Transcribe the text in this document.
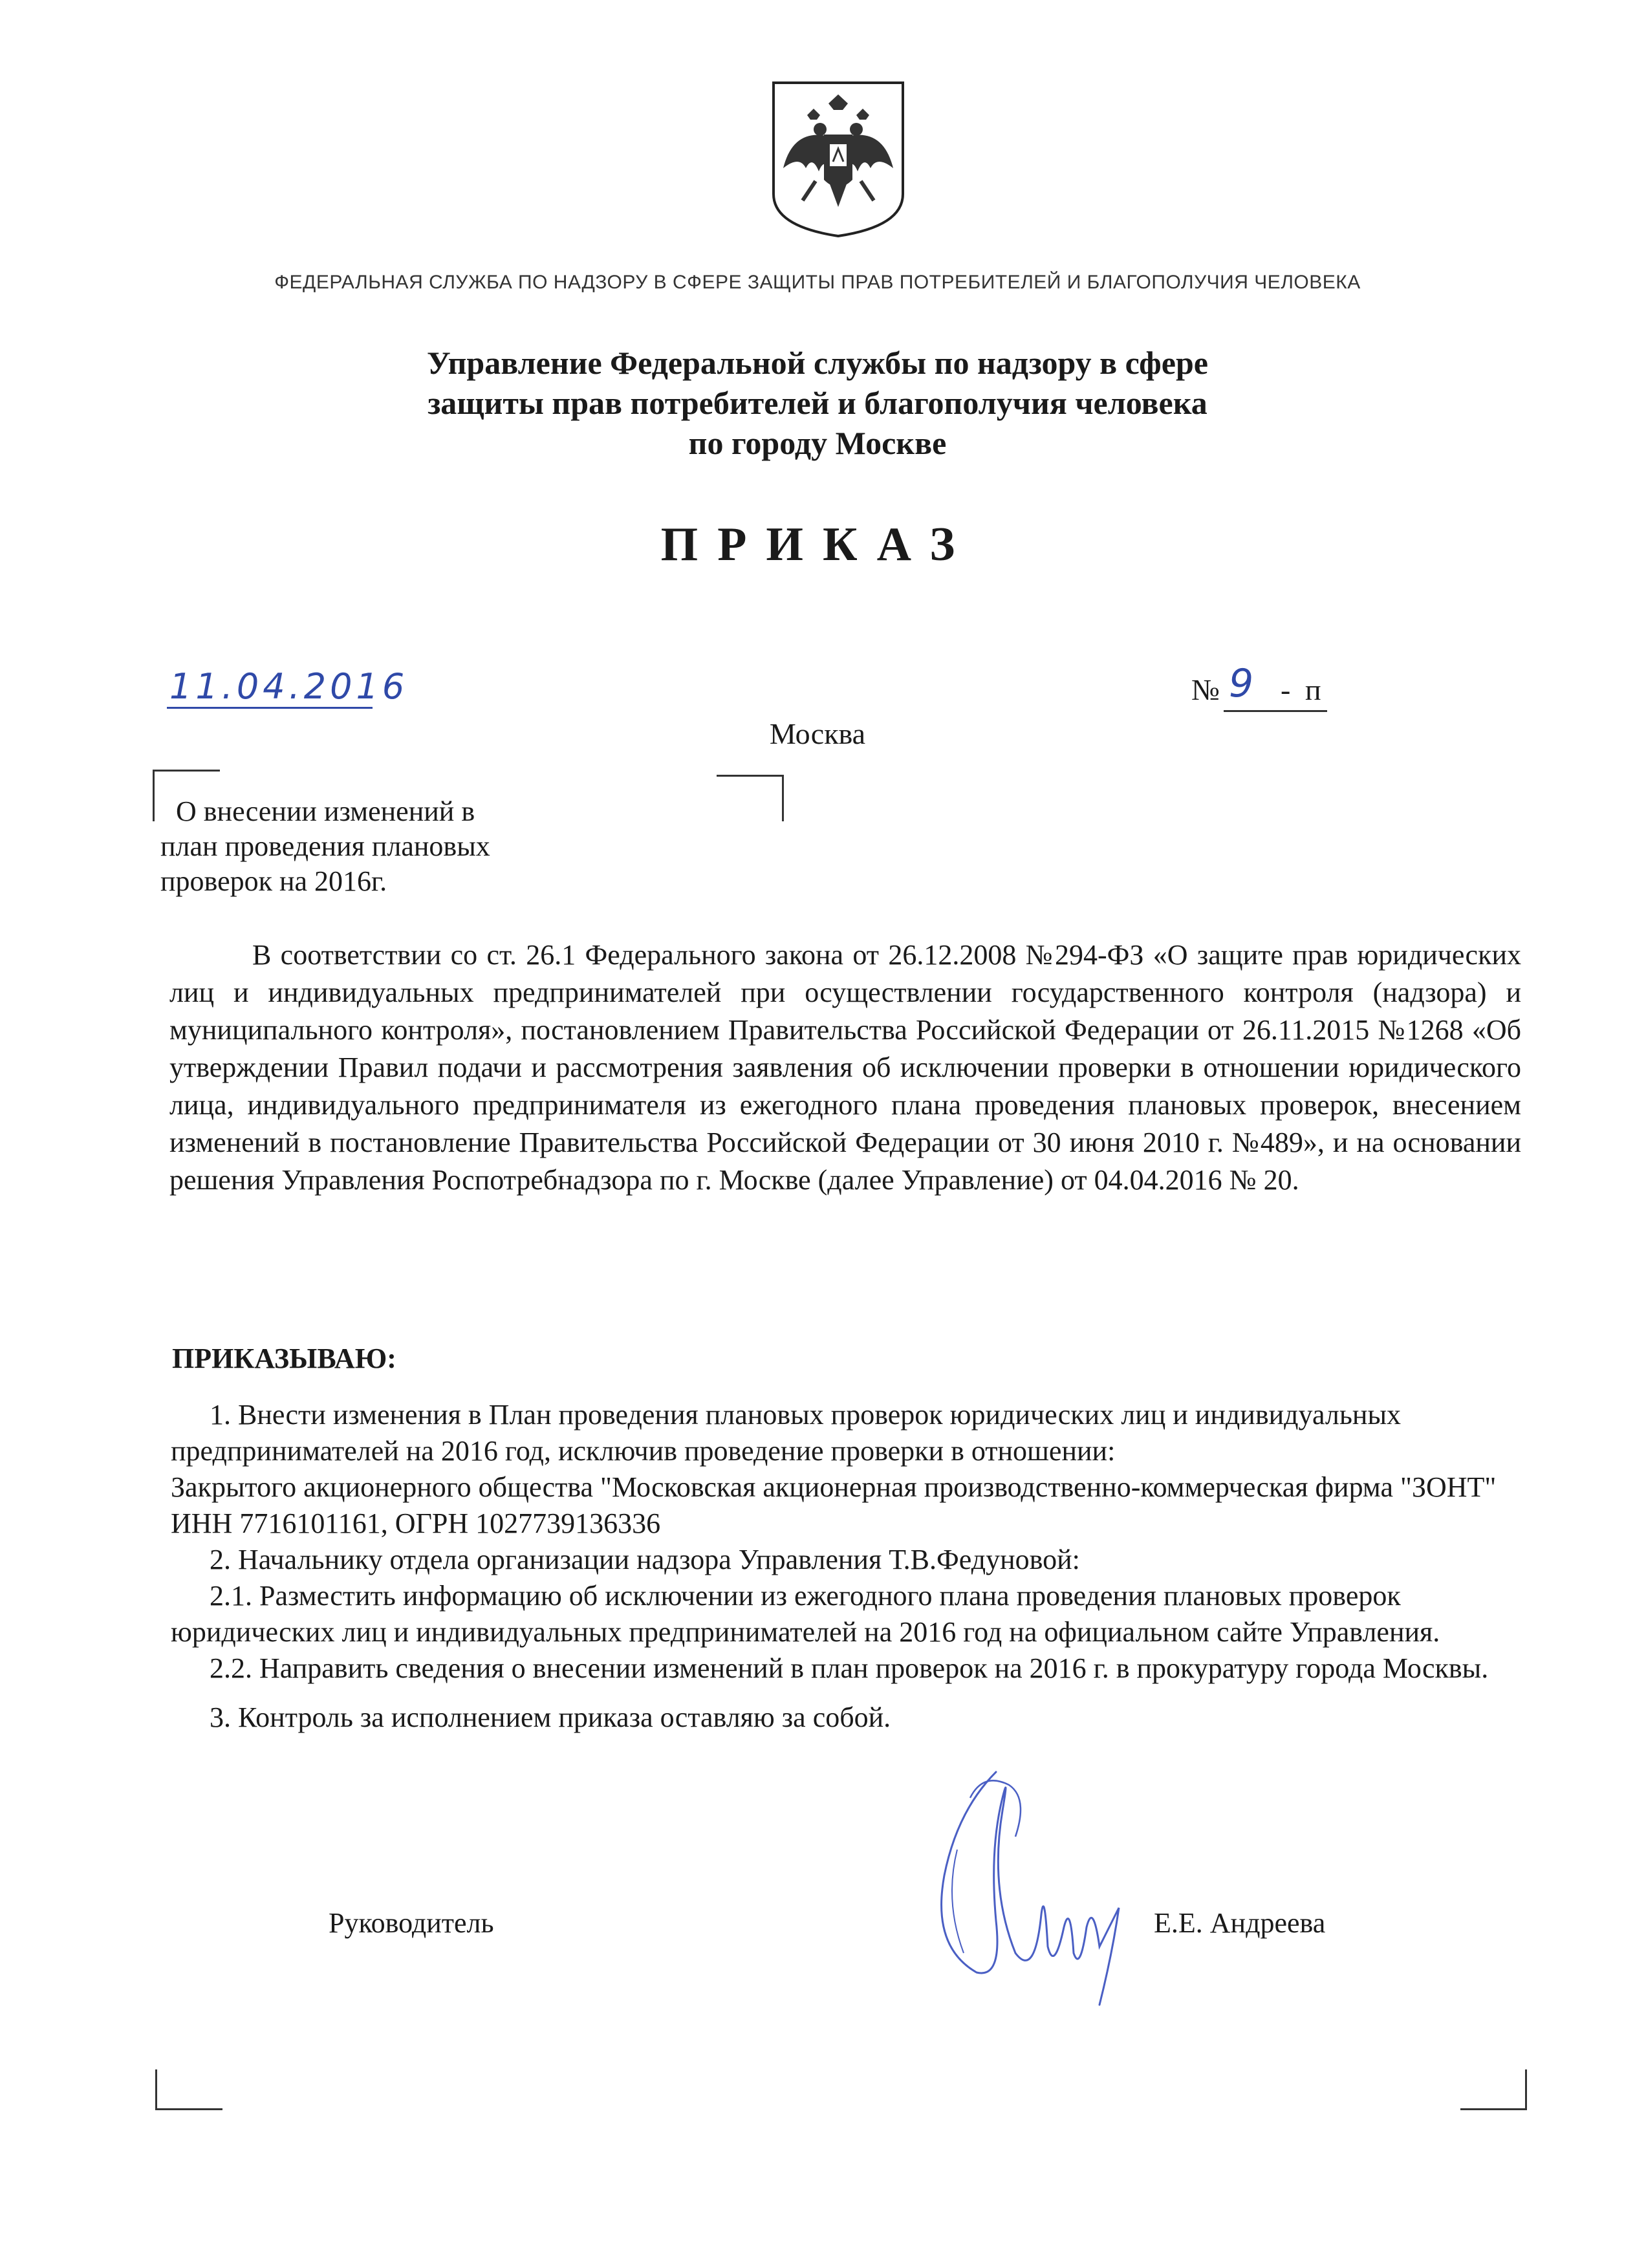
ФЕДЕРАЛЬНАЯ СЛУЖБА ПО НАДЗОРУ В СФЕРЕ ЗАЩИТЫ ПРАВ ПОТРЕБИТЕЛЕЙ И БЛАГОПОЛУЧИЯ ЧЕЛОВЕКА
Управление Федеральной службы по надзору в сфере
защиты прав потребителей и благополучия человека
по городу Москве
ПРИКАЗ
11.04.2016	№ 9 - п
Москва
О внесении изменений в
план проведения плановых
проверок на 2016г.
В соответствии со ст. 26.1 Федерального закона от 26.12.2008 №294-ФЗ «О защите прав юридических лиц и индивидуальных предпринимателей при осуществлении государственного контроля (надзора) и муниципального контроля», постановлением Правительства Российской Федерации от 26.11.2015 №1268 «Об утверждении Правил подачи и рассмотрения заявления об исключении проверки в отношении юридического лица, индивидуального предпринимателя из ежегодного плана проведения плановых проверок, внесением изменений в постановление Правительства Российской Федерации от 30 июня 2010 г. №489», и на основании решения Управления Роспотребнадзора по г. Москве (далее Управление) от 04.04.2016 № 20.
ПРИКАЗЫВАЮ:

1. Внести изменения в План проведения плановых проверок юридических лиц и индивидуальных предпринимателей на 2016 год, исключив проведение проверки в отношении:

Закрытого акционерного общества "Московская акционерная производственно-коммерческая фирма "ЗОНТ" ИНН 7716101161, ОГРН 1027739136336

2. Начальнику отдела организации надзора Управления Т.В.Федуновой:

2.1. Разместить информацию об исключении из ежегодного плана проведения плановых проверок юридических лиц и индивидуальных предпринимателей на 2016 год на официальном сайте Управления.

2.2. Направить сведения о внесении изменений в план проверок на 2016 г. в прокуратуру города Москвы.

3. Контроль за исполнением приказа оставляю за собой.

Руководитель	Е.Е. Андреева
